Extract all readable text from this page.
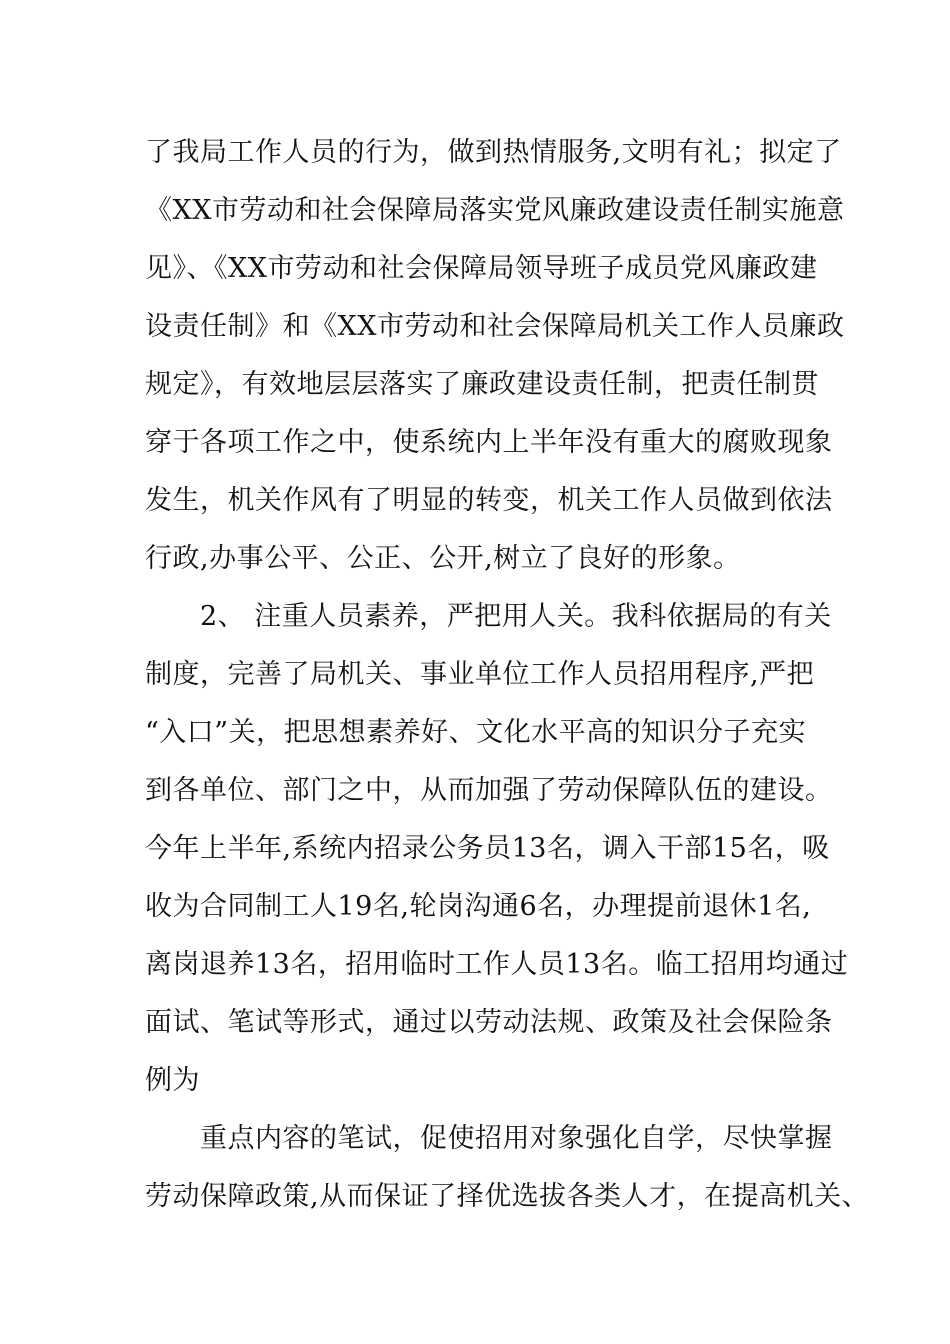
了我局工作人员的行为，做到热情服务,文明有礼；拟定了
《XX市劳动和社会保障局落实党风廉政建设责任制实施意
见》、《XX市劳动和社会保障局领导班子成员党风廉政建
设责任制》和《XX市劳动和社会保障局机关工作人员廉政
规定》，有效地层层落实了廉政建设责任制，把责任制贯
穿于各项工作之中，使系统内上半年没有重大的腐败现象
发生，机关作风有了明显的转变，机关工作人员做到依法
行政,办事公平、公正、公开,树立了良好的形象。
2、 注重人员素养，严把用人关。我科依据局的有关
制度，完善了局机关、事业单位工作人员招用程序,严把
“入口”关，把思想素养好、文化水平高的知识分子充实
到各单位、部门之中，从而加强了劳动保障队伍的建设。
今年上半年,系统内招录公务员13名，调入干部15名，吸
收为合同制工人19名,轮岗沟通6名，办理提前退休1名,
离岗退养13名，招用临时工作人员13名。临工招用均通过
面试、笔试等形式，通过以劳动法规、政策及社会保险条
例为
重点内容的笔试，促使招用对象强化自学，尽快掌握
劳动保障政策,从而保证了择优选拔各类人才，在提高机关、
